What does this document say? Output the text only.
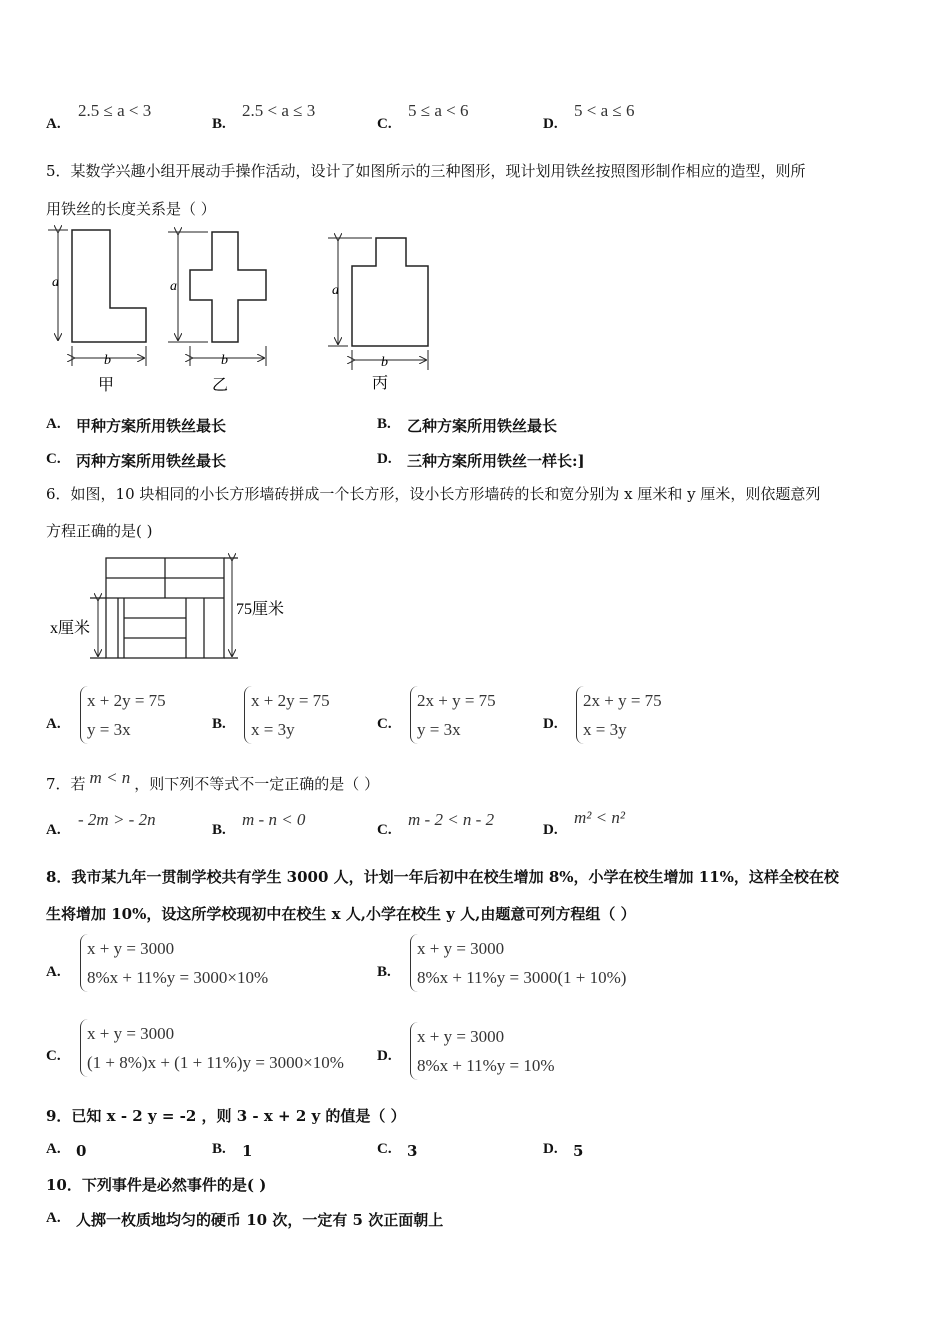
A.
2.5 ≤ a < 3
B.
2.5 < a ≤ 3
C.
5 ≤ a < 6
D.
5 < a ≤ 6
5．某数学兴趣小组开展动手操作活动，设计了如图所示的三种图形，现计划用铁丝按照图形制作相应的造型，则所
用铁丝的长度关系是（ ）
a
b
甲
a
b
乙
a
b
丙
A. 甲种方案所用铁丝最长	B. 乙种方案所用铁丝最长
C. 丙种方案所用铁丝最长	D. 三种方案所用铁丝一样长:]
6．如图，10 块相同的小长方形墙砖拼成一个长方形，设小长方形墙砖的长和宽分别为 x 厘米和 y 厘米，则依题意列
方程正确的是( )
x厘米
75厘米
A.
x + 2y = 75
y = 3x	B.
x + 2y = 75
x = 3y	C.
2x + y = 75
y = 3x	D.
2x + y = 75
x = 3y
7．若 m < n ，则下列不等式不一定正确的是（ ）
A.
- 2m > - 2n
B.
m - n < 0
C.
m - 2 < n - 2
D.
m² < n²
8．我市某九年一贯制学校共有学生 3000 人，计划一年后初中在校生增加 8%，小学在校生增加 11%，这样全校在校
生将增加 10%，设这所学校现初中在校生 x 人,小学在校生 y 人,由题意可列方程组（ ）
A.
x + y = 3000
8%x + 11%y = 3000×10%	B.
x + y = 3000
8%x + 11%y = 3000(1 + 10%)
C.
x + y = 3000
(1 + 8%)x + (1 + 11%)y = 3000×10% D.
x + y = 3000
8%x + 11%y = 10%
9．已知 x - 2 y = -2 ，则 3 - x + 2 y 的值是（ ）
A. 0	B. 1	C. 3	D. 5
10．下列事件是必然事件的是( )
A. 人掷一枚质地均匀的硬币 10 次，一定有 5 次正面朝上
